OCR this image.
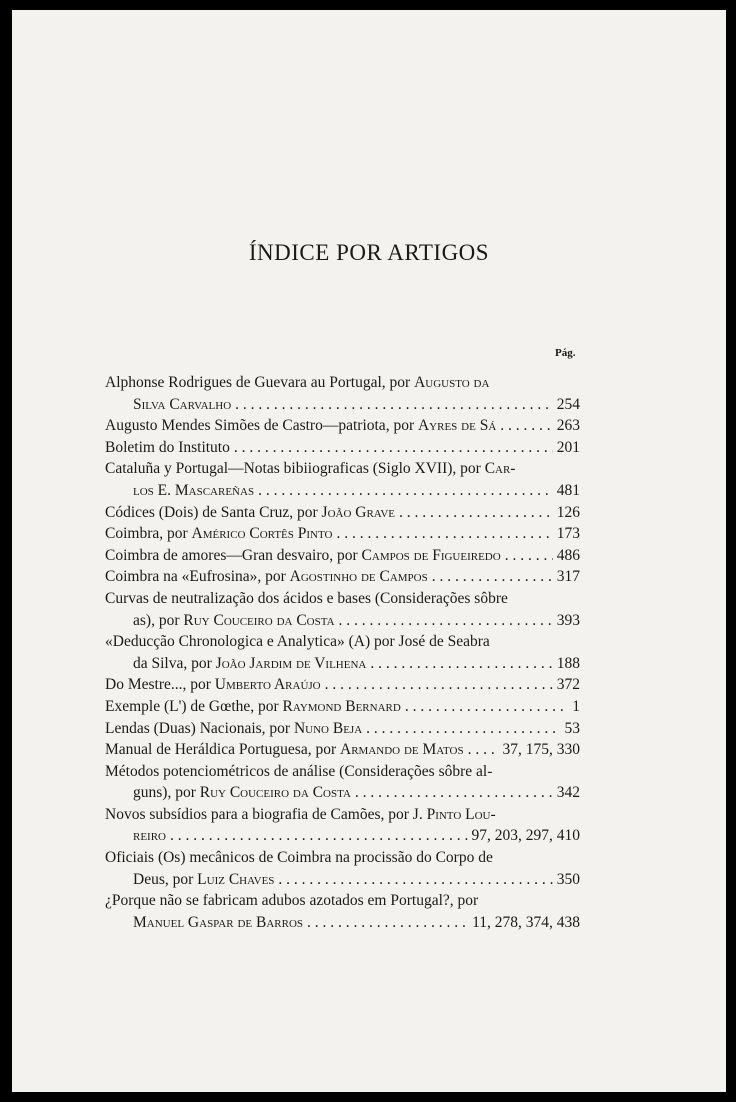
ÍNDICE POR ARTIGOS
Pág.
Alphonse Rodrigues de Guevara au Portugal, por Augusto da
Silva Carvalho . . .	254
Augusto Mendes Simões de Castro—patriota, por Ayres de Sá . . .	263
Boletim do Instituto . . .	201
Cataluña y Portugal—Notas bibiiograficas (Siglo XVII), por Car-
los E. Mascareñas . . .	481
Códices (Dois) de Santa Cruz, por João Grave . . .	126
Coimbra, por Américo Cortês Pinto . . .	173
Coimbra de amores—Gran desvairo, por Campos de Figueiredo . . .	486
Coimbra na «Eufrosina», por Agostinho de Campos . . .	317
Curvas de neutralização dos ácidos e bases (Considerações sôbre
as), por Ruy Couceiro da Costa . . .	393
«Deducção Chronologica e Analytica» (A) por José de Seabra
da Silva, por João Jardim de Vilhena . . .	188
Do Mestre..., por Umberto Araújo . . .	372
Exemple (L') de Gœthe, por Raymond Bernard . . .	1
Lendas (Duas) Nacionais, por Nuno Beja . . .	53
Manual de Heráldica Portuguesa, por Armando de Matos . . .	37, 175, 330
Métodos potenciométricos de análise (Considerações sôbre al-
guns), por Ruy Couceiro da Costa . . .	342
Novos subsídios para a biografia de Camões, por J. Pinto Lou-
reiro . . .	97, 203, 297, 410
Oficiais (Os) mecânicos de Coimbra na procissão do Corpo de
Deus, por Luiz Chaves . . .	350
¿Porque não se fabricam adubos azotados em Portugal?, por
Manuel Gaspar de Barros . . .	11, 278, 374, 438
